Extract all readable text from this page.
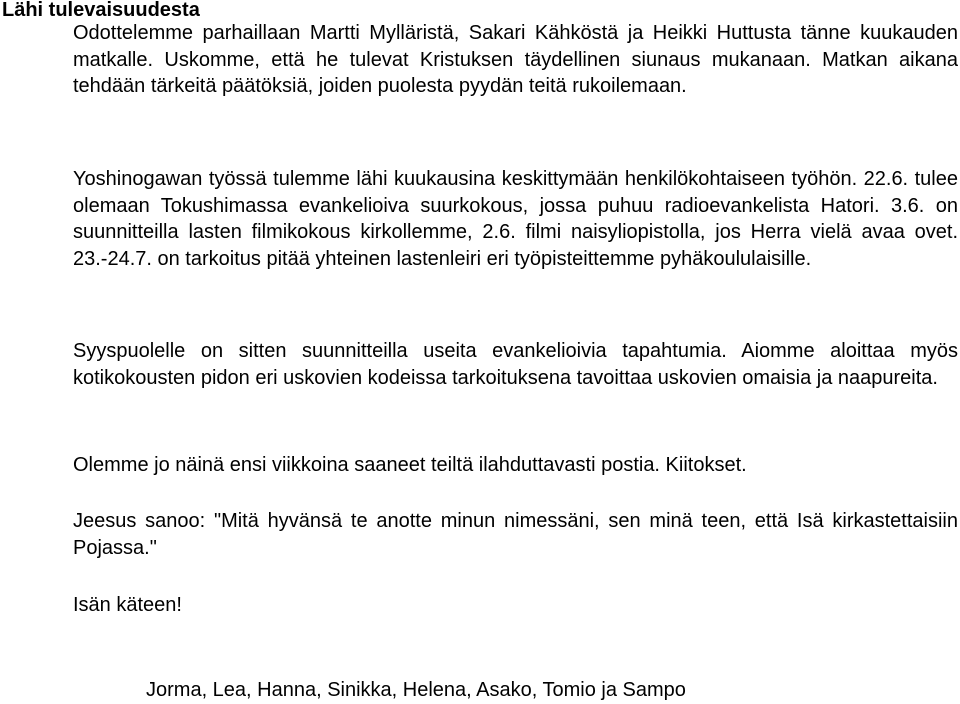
Lähi tulevaisuudesta

Odottelemme parhaillaan Martti Mylläristä, Sakari Kähköstä ja Heikki Huttusta tänne kuukauden matkalle. Uskomme, että he tulevat Kristuksen täydellinen siunaus mukanaan. Matkan aikana tehdään tärkeitä päätöksiä, joiden puolesta pyydän teitä rukoilemaan.

Yoshinogawan työssä tulemme lähi kuukausina keskittymään henkilökohtaiseen työhön. 22.6. tulee olemaan Tokushimassa evankelioiva suurkokous, jossa puhuu radioevankelista Hatori. 3.6. on suunnitteilla lasten filmikokous kirkollemme, 2.6. filmi naisyliopistolla, jos Herra vielä avaa ovet. 23.-24.7. on tarkoitus pitää yhteinen lastenleiri eri työpisteittemme pyhäkoululaisille.

Syyspuolelle on sitten suunnitteilla useita evankelioivia tapahtumia. Aiomme aloittaa myös kotikokousten pidon eri uskovien kodeissa tarkoituksena tavoittaa uskovien omaisia ja naapureita.

Olemme jo näinä ensi viikkoina saaneet teiltä ilahduttavasti postia. Kiitokset.

Jeesus sanoo: "Mitä hyvänsä te anotte minun nimessäni, sen minä teen, että Isä kirkastettaisiin Pojassa."

Isän käteen!

Jorma, Lea, Hanna, Sinikka, Helena, Asako, Tomio ja Sampo
